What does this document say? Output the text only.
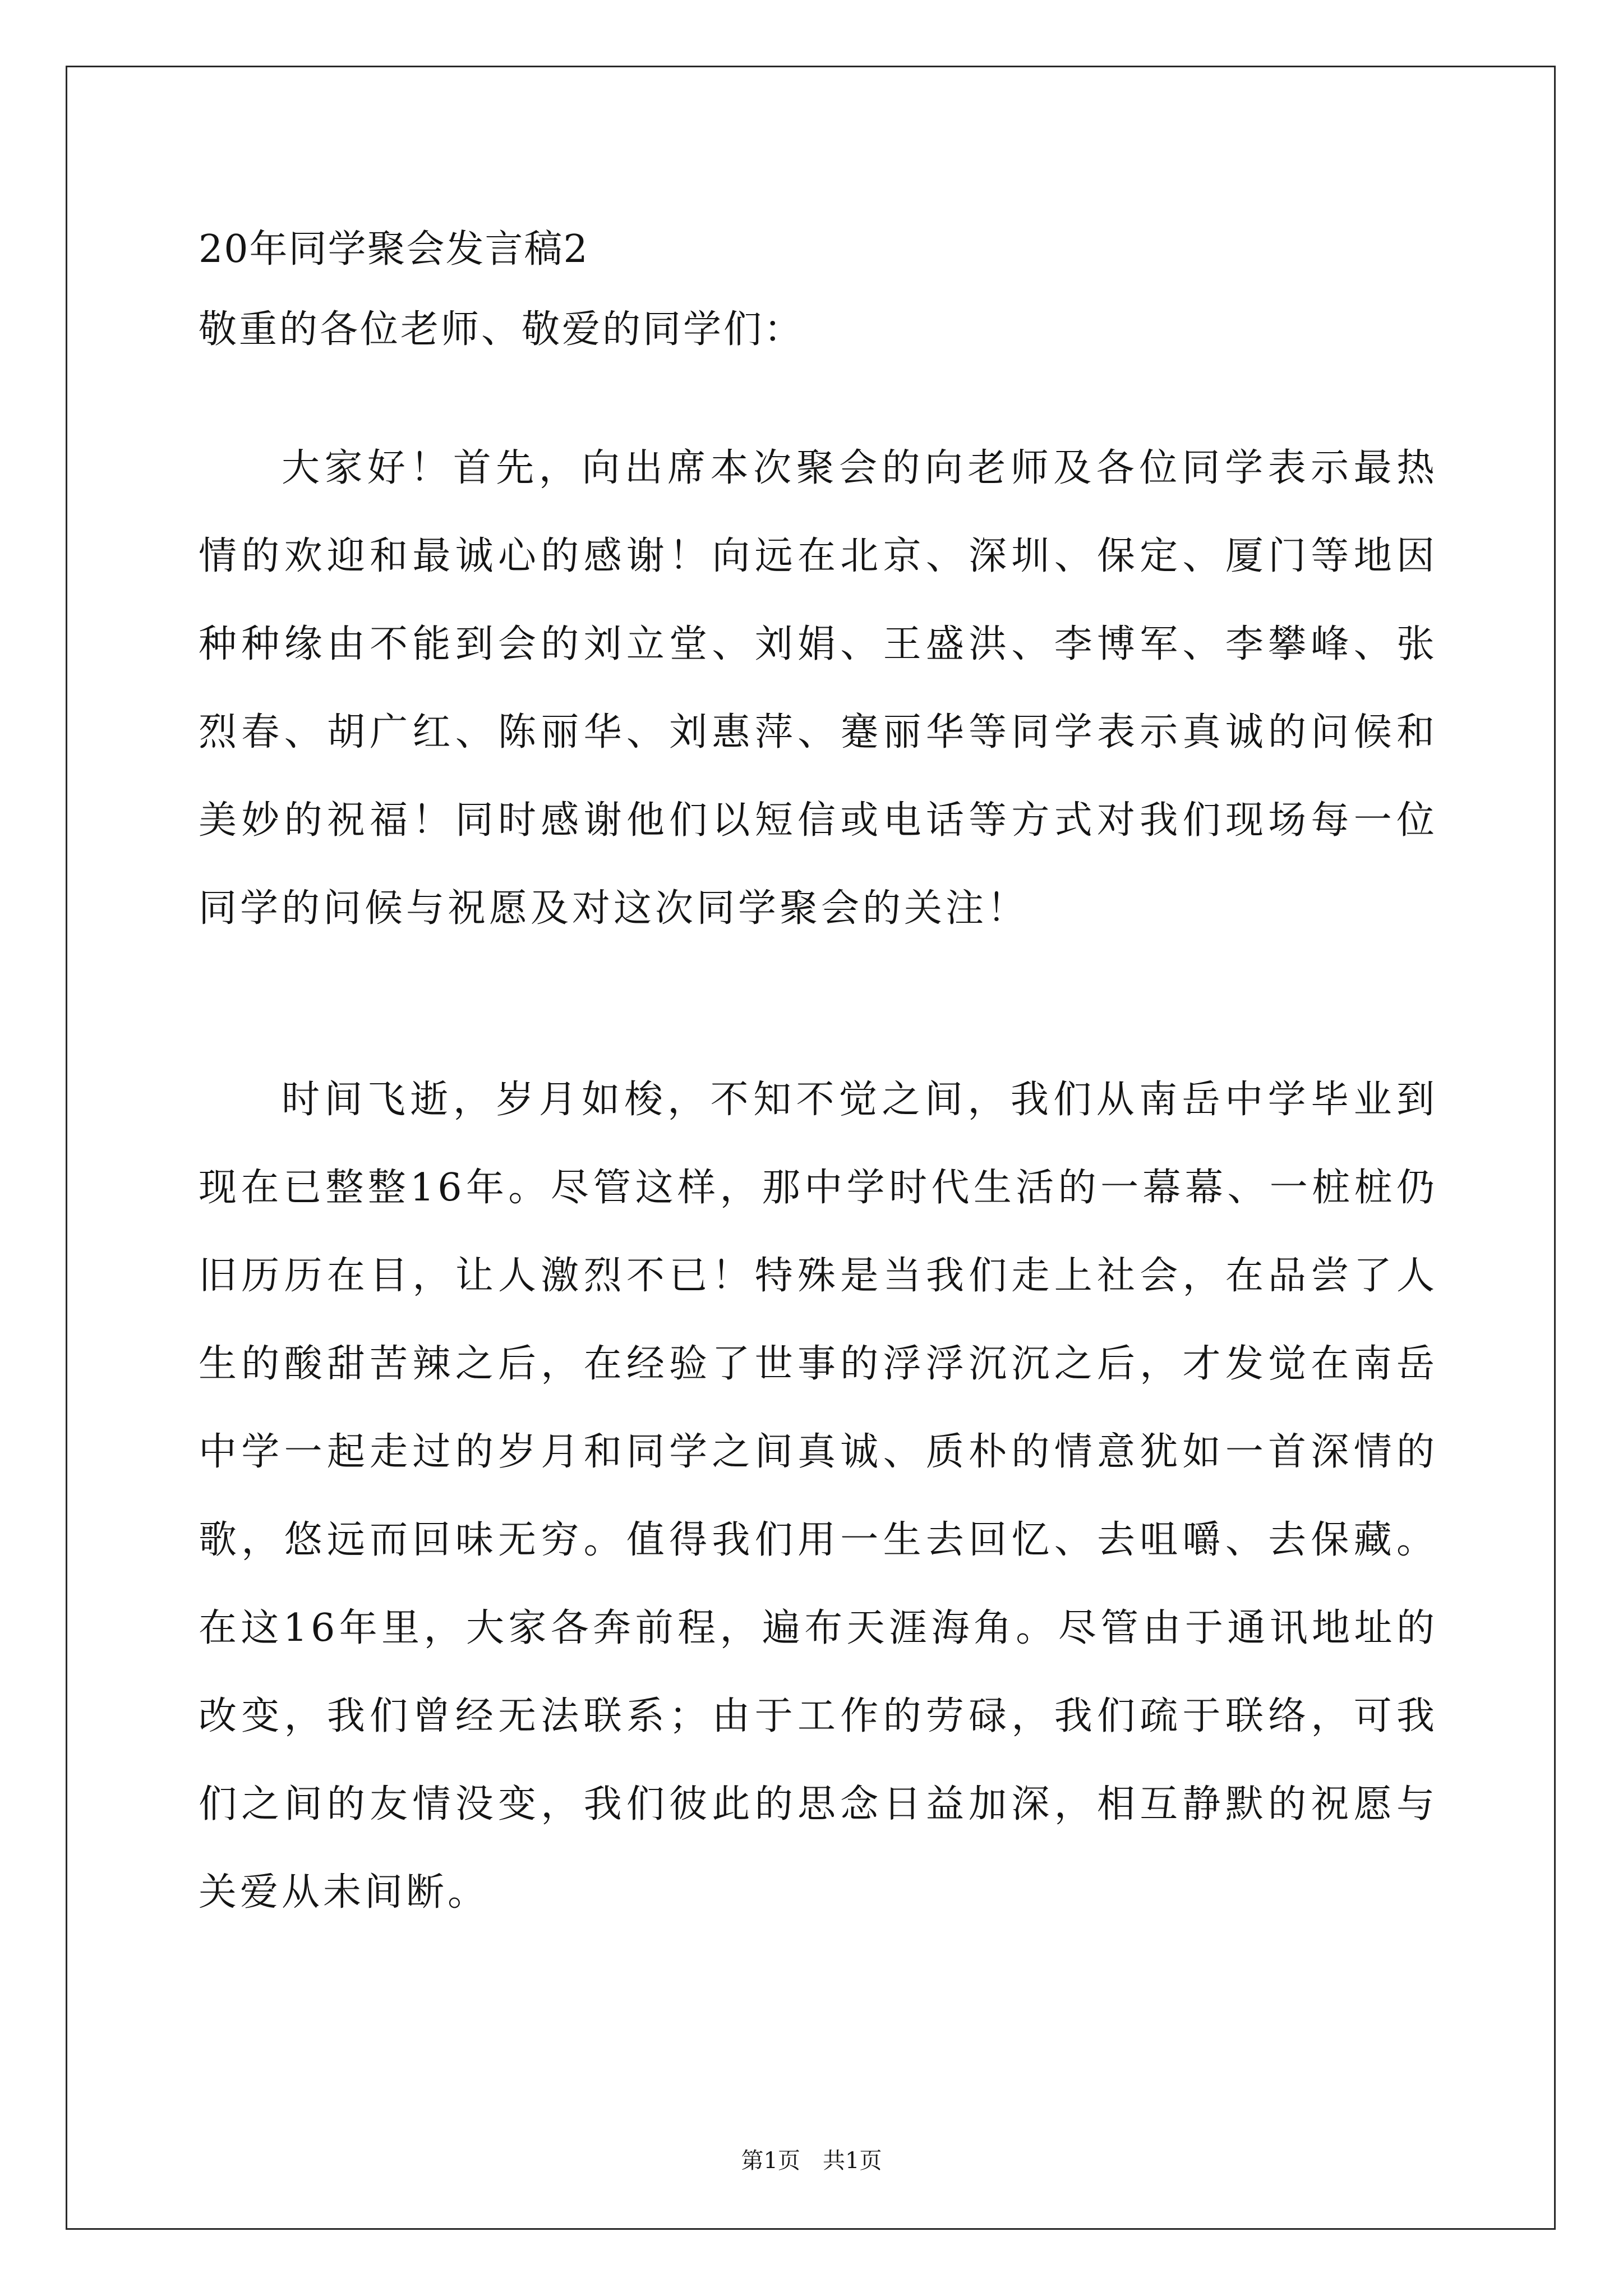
20年同学聚会发言稿2
敬重的各位老师、敬爱的同学们：

大家好！首先，向出席本次聚会的向老师及各位同学表示最热情的欢迎和最诚心的感谢！向远在北京、深圳、保定、厦门等地因种种缘由不能到会的刘立堂、刘娟、王盛洪、李博军、李攀峰、张烈春、胡广红、陈丽华、刘惠萍、蹇丽华等同学表示真诚的问候和美妙的祝福！同时感谢他们以短信或电话等方式对我们现场每一位同学的问候与祝愿及对这次同学聚会的关注！

时间飞逝，岁月如梭，不知不觉之间，我们从南岳中学毕业到现在已整整16年。尽管这样，那中学时代生活的一幕幕、一桩桩仍旧历历在目，让人激烈不已！特殊是当我们走上社会，在品尝了人生的酸甜苦辣之后，在经验了世事的浮浮沉沉之后，才发觉在南岳中学一起走过的岁月和同学之间真诚、质朴的情意犹如一首深情的歌，悠远而回味无穷。值得我们用一生去回忆、去咀嚼、去保藏。在这16年里，大家各奔前程，遍布天涯海角。尽管由于通讯地址的改变，我们曾经无法联系；由于工作的劳碌，我们疏于联络，可我们之间的友情没变，我们彼此的思念日益加深，相互静默的祝愿与关爱从未间断。

第1页　共1页
